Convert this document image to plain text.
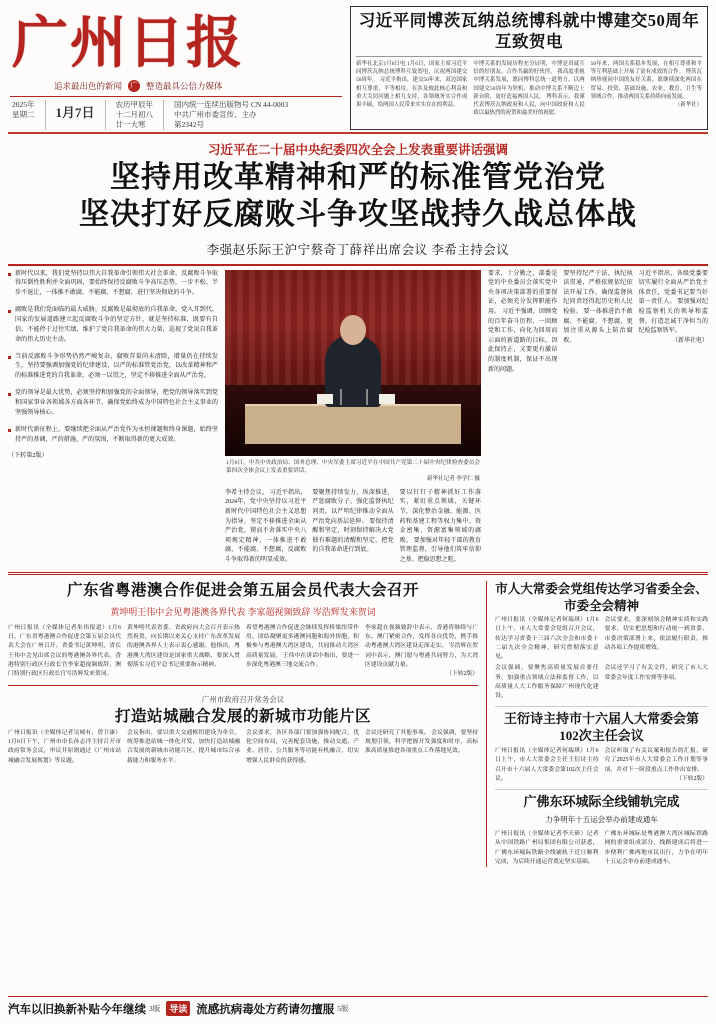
广州日报
追求最出色的新闻 广 整造最具公信力媒体
2025年
星期二 1月7日
农历甲辰年
十二月初八
廿一大寒
国内统一连续出版物号 CN 44-0003
中共广州市委宣传、主办
第2342号
习近平同博茨瓦纳总统博科就中博建交50周年互致贺电
新华社北京1月6日电 1月6日，国家主席习近平同博茨瓦纳总统博科互致贺电，庆祝两国建交50周年。 习近平指出，建交50年来，双边国家相互尊重、平等相待，在涉及彼此核心利益和重大关切问题上相互支持，各领域务实合作成果丰硕，给两国人民带来实实在在的利益。
中博关系的发展历程充分证明，中博是真诚互信的好朋友、合作共赢的好伙伴。 我高度重视中博关系发展，愿同博科总统一道努力，以两国建交50周年为契机，推动中博关系不断迈上新台阶，更好造福两国人民。 博科表示，我谨代表博茨瓦纳政府和人民，向中国政府和人民致以最热烈的祝贺和最美好的祝愿。
50年来，两国关系稳步发展，在相互尊重和平等互利基础上开展了富有成效的合作。 博茨瓦纳珍视同中国的友好关系，愿继续深化两国在贸易、投资、基础设施、农业、教育、卫生等领域合作，推动两国关系持续向前发展。
（新华社）
习近平在二十届中央纪委四次全会上发表重要讲话强调
坚持用改革精神和严的标准管党治党
坚决打好反腐败斗争攻坚战持久战总体战
李强赵乐际王沪宁蔡奇丁薛祥出席会议 李希主持会议

新时代以来，我们党坚持以伟大自我革命引领伟大社会革命，反腐败斗争取得压倒性胜利并全面巩固，要始终保持反腐败斗争高压态势，一步不松、半步不退让，一体推不敢腐、不能腐、不想腐，进行坚决彻底的斗争。

腐败是我们党面临的最大威胁，反腐败是最彻底的自我革命。党入耳到代、国家的发展道路建立起反腐败斗争的坚定方针，就是坚持标准，既要有自信，不能停于过往实绩，维护了党自我革命的伟大力量，巡视了党说自我革命的伟大历史主动。

当前反腐败斗争形势仍然严峻复杂，腐败存量尚未清除，增量仍在持续发生，坚持要强调加强党的纪律建设，以严的标准管党治党，以改革精神和严的标准推进党的自我革命，必须一以贯之，坚定不移推进全面从严治党。

党的领导是最大优势，必须坚持和加强党的全面领导，把党的领导落实到党和国家事业各领域各方面各环节，确保党始终成为中国特色社会主义事业的坚强领导核心。

新时代新征程上，要继续把全面从严治党作为永恒课题和终身课题，始终坚持严的基调、严的措施、严的氛围，不断取得新的更大成效。

（下转第2版）

1月6日，中共中央政治局、国务总理、中央军委主席习近平在中国共产党第二十届中央纪律检查委员会第四次全体会议上发表重要讲话。
新华社记者 李学仁 摄
李希主持会议。 习近平指出，2024年，党中央坚持以习近平新时代中国特色社会主义思想为指导，坚定不移推进全面从严治党，锲而不舍落实中央八项规定精神，一体推进不敢腐、不能腐、不想腐，反腐败斗争取得新的明显成效。
要聚焦持续发力、纵深推进，严惩腐败分子，强化监督执纪问责，以严明纪律推动全面从严治党向基层延伸。 要保持清醒和坚定，时刻保持解决大党独有难题的清醒和坚定，把党的自我革命进行到底。
要以钉钉子精神抓好工作落实，紧盯重点领域、关键环节，深化整治金融、能源、医药和基建工程等权力集中、资金密集、资源富集领域的腐败。 要加强对年轻干部的教育管理监督，引导他们筑牢信仰之基、把稳思想之舵。
要求，十分勤之，部委是党的中央委员会落实党中央各项决策部署的重要保证，必须充分发挥职能作用。 习近平强调，回顾党的百年奋斗历程，一回顾党和工作，向化为回用而示面的新道路的目标，因此保持正，又要更有激昂的制度机制，保证不出现新的问题。
要坚持纪严于法、执纪执法贯通，严格依规依纪依法开展工作，确保监督执纪问责经得起历史和人民检验。 要一体推进治不敢腐、不能腐、不想腐，更加注重从源头上防治腐败。
习近平指出，各级党委要切实履行全面从严治党主体责任，党委书记要当好第一责任人。 要加强对纪检监察机关的领导和监督，打造忠诚干净担当的纪检监察铁军。
（新华社电）
广东省粤港澳合作促进会第五届会员代表大会召开
黄坤明王伟中会见粤港澳各界代表 李家超视频致辞 岑浩辉发来贺词
广州日报讯（全媒体记者朱伟报道）1月6日，广东省粤港澳合作促进会第五届会员代表大会在广州召开。省委书记黄坤明、省长王伟中会见出席会议的粤港澳各界代表。香港特别行政区行政长官李家超视频致辞，澳门特别行政区行政长官岑浩辉发来贺词。
黄坤明代表省委、省政府向大会召开表示热烈祝贺，向长期以来关心支持广东改革发展的港澳各界人士表示衷心感谢。他指出，粤港澳大湾区建设是国家重大战略，要深入贯彻落实习近平总书记重要指示精神。
希望粤港澳合作促进会继续发挥桥梁纽带作用，团结凝聚更多港澳同胞和海外侨胞，积极参与粤港澳大湾区建设，共同推动大湾区高质量发展。 王伟中在讲话中指出，要进一步深化粤港澳三地交流合作。
李家超在视频致辞中表示，香港将继续与广东、澳门紧密合作，发挥各自优势，携手推动粤港澳大湾区建设走深走实。 岑浩辉在贺词中表示，澳门愿与粤港共同努力，为大湾区建设贡献力量。
（下转2版）
广州市政府召开常务会议
打造站城融合发展的新城市功能片区
广州日报讯（全媒体记者吴城有、曾卫康）1月6日下午，广州市市长孙志洋主持召开市政府常务会议，审议并原则通过《广州市站城融合发展规划》等议题。
会议指出，要以重大交通枢纽建设为牵引，统筹推进站城一体化开发，加快打造站城融合发展的新城市功能片区，提升城市综合承载能力和服务水平。
会议要求，各区各部门要加强协同配合，优化空间布局，完善配套设施，推动交通、产业、居住、公共服务等功能有机融合，切实增强人民群众的获得感。
会议还研究了其他事项。 会议强调，要坚持规划引领，科学把握开发强度和时序，高标准高质量推进各项重点工作落地见效。
市人大常委会党组传达学习省委全会、市委全会精神
广州日报讯（全媒体记者何瑞琪）1月6日上午，市人大常委会党组召开会议，传达学习省委十三届六次全会和市委十二届九次全会精神，研究贯彻落实意见。
会议要求，要深刻领会精神实质和实践要求，切实把思想和行动统一到省委、市委决策部署上来，依法履行职责，推动各项工作提质增效。
会议强调，要聚焦高质量发展首要任务，加强重点领域立法和监督工作，以高质量人大工作服务保障广州现代化建设。
会议还学习了有关文件，研究了市人大常委会年度工作安排等事项。
王衍诗主持市十六届人大常委会第102次主任会议
广州日报讯（全媒体记者何瑞琪）1月6日上午，市人大常委会主任王衍诗主持召开市十六届人大常委会第102次主任会议。
会议听取了有关议案和报告的汇报，研究了2025年市人大常委会工作计划等事项，并对下一阶段重点工作作出安排。
（下转2版）
广佛东环城际全线铺轨完成
力争明年十五运会举办前建成通车
广州日报讯（全媒体记者李天研）记者从中国铁路广州局集团有限公司获悉，广佛东环城际铁路全线铺轨于近日顺利完成，为后续开通运营奠定坚实基础。
广佛东环城际是粤港澳大湾区城际铁路网的重要组成部分，线路建成后将进一步便利广佛两地市民出行，力争在明年十五运会举办前建成通车。
汽车以旧换新补贴今年继续 3版	导读 流感抗病毒处方药请勿擅服 5版
